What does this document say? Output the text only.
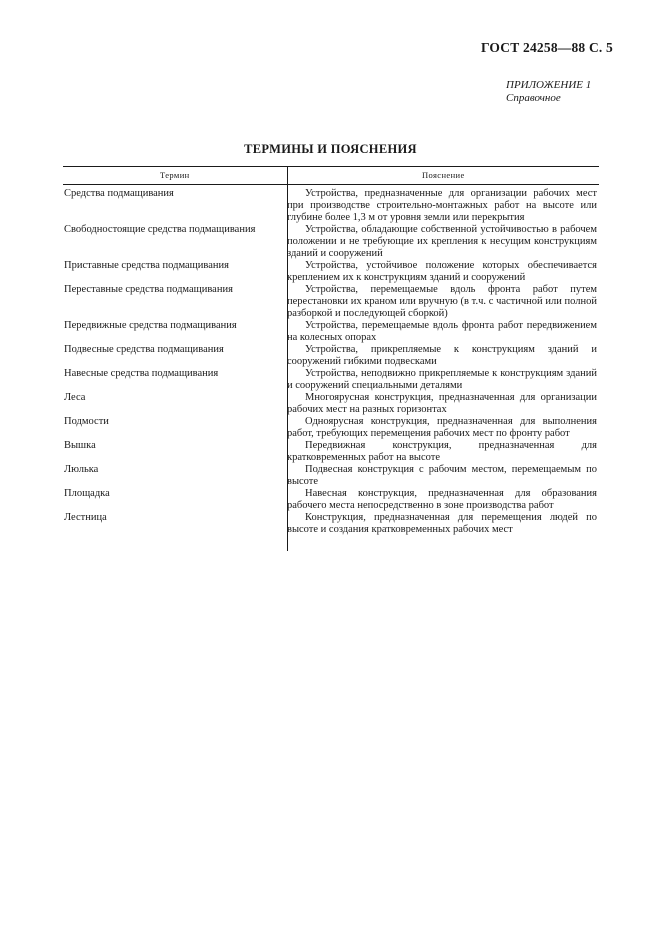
ГОСТ 24258—88 С. 5
ПРИЛОЖЕНИЕ 1
Справочное
ТЕРМИНЫ И ПОЯСНЕНИЯ
Термин	Пояснение
Средства подмащивания	Устройства, предназначенные для организации рабочих мест при производстве строительно-монтажных работ на высоте или глубине более 1,3 м от уровня земли или перекрытия
Свободностоящие средства подмащивания	Устройства, обладающие собственной устойчивостью в рабочем положении и не требующие их крепления к несущим конструкциям зданий и сооружений
Приставные средства подмащивания	Устройства, устойчивое положение которых обеспечивается креплением их к конструкциям зданий и сооружений
Переставные средства подмащивания	Устройства, перемещаемые вдоль фронта работ путем перестановки их краном или вручную (в т.ч. с частичной или полной разборкой и последующей сборкой)
Передвижные средства подмащивания	Устройства, перемещаемые вдоль фронта работ передвижением на колесных опорах
Подвесные средства подмащивания	Устройства, прикрепляемые к конструкциям зданий и сооружений гибкими подвесками
Навесные средства подмащивания	Устройства, неподвижно прикрепляемые к конструкциям зданий и сооружений специальными деталями
Леса	Многоярусная конструкция, предназначенная для организации рабочих мест на разных горизонтах
Подмости	Одноярусная конструкция, предназначенная для выполнения работ, требующих перемещения рабочих мест по фронту работ
Вышка	Передвижная конструкция, предназначенная для кратковременных работ на высоте
Люлька	Подвесная конструкция с рабочим местом, перемещаемым по высоте
Площадка	Навесная конструкция, предназначенная для образования рабочего места непосредственно в зоне производства работ
Лестница	Конструкция, предназначенная для перемещения людей по высоте и создания кратковременных рабочих мест
